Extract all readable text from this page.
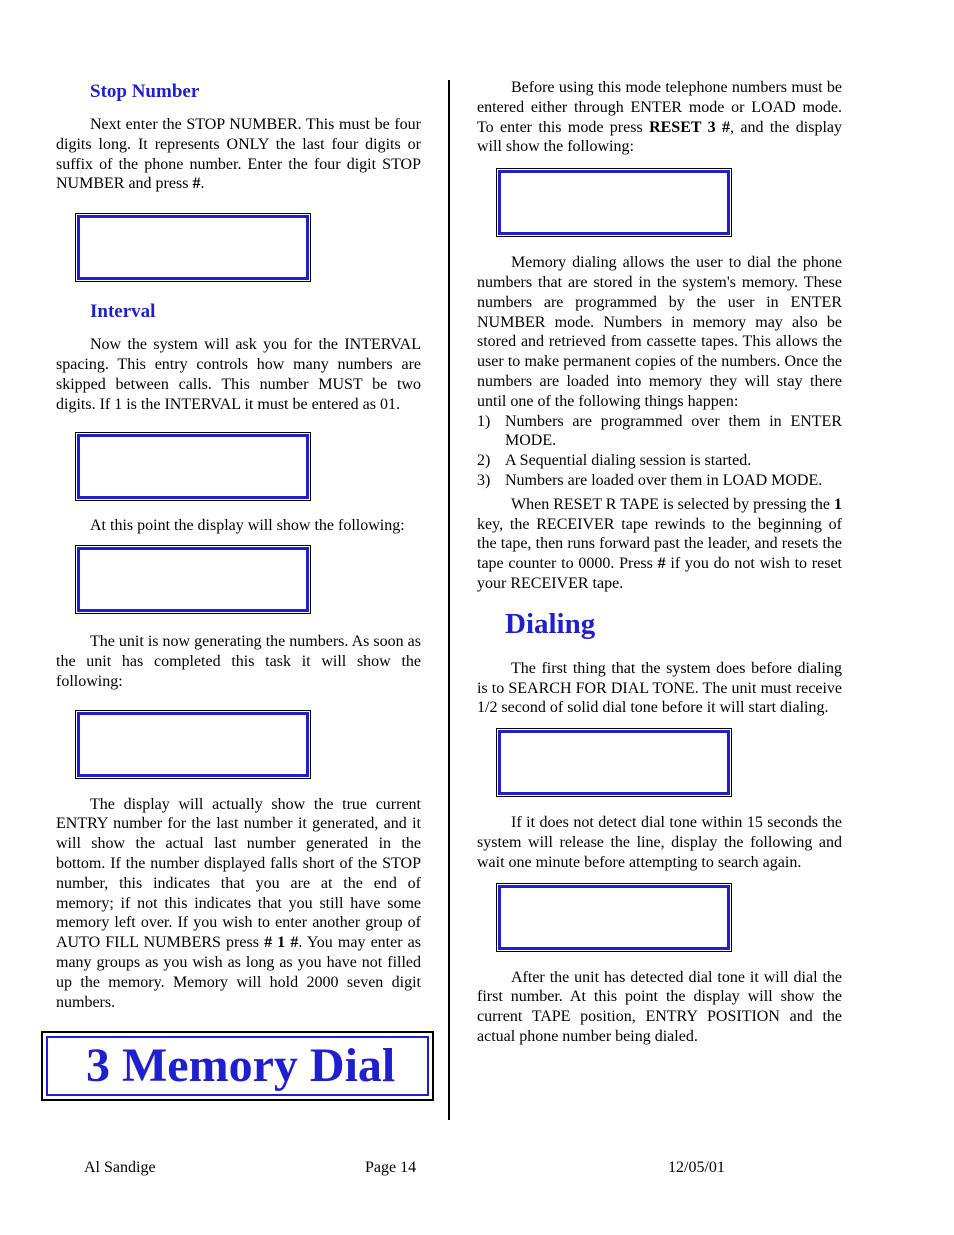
Stop Number

Next enter the STOP NUMBER. This must be four digits long. It represents ONLY the last four digits or suffix of the phone number. Enter the four digit STOP NUMBER and press #.

Interval

Now the system will ask you for the INTERVAL spacing. This entry controls how many numbers are skipped between calls. This number MUST be two digits. If 1 is the INTERVAL it must be entered as 01.

At this point the display will show the following:

The unit is now generating the numbers. As soon as the unit has completed this task it will show the following:

The display will actually show the true current ENTRY number for the last number it generated, and it will show the actual last number generated in the bottom. If the number displayed falls short of the STOP number, this indicates that you are at the end of memory; if not this indicates that you still have some memory left over. If you wish to enter another group of AUTO FILL NUMBERS press # 1 #. You may enter as many groups as you wish as long as you have not filled up the memory. Memory will hold 2000 seven digit numbers.

3 Memory Dial

Before using this mode telephone numbers must be entered either through ENTER mode or LOAD mode. To enter this mode press RESET 3 #, and the display will show the following:

Memory dialing allows the user to dial the phone numbers that are stored in the system's memory. These numbers are programmed by the user in ENTER NUMBER mode. Numbers in memory may also be stored and retrieved from cassette tapes. This allows the user to make permanent copies of the numbers. Once the numbers are loaded into memory they will stay there until one of the following things happen:

1) Numbers are programmed over them in ENTER MODE.
2) A Sequential dialing session is started.
3) Numbers are loaded over them in LOAD MODE.

When RESET R TAPE is selected by pressing the 1 key, the RECEIVER tape rewinds to the beginning of the tape, then runs forward past the leader, and resets the tape counter to 0000. Press # if you do not wish to reset your RECEIVER tape.

Dialing

The first thing that the system does before dialing is to SEARCH FOR DIAL TONE. The unit must receive 1/2 second of solid dial tone before it will start dialing.

If it does not detect dial tone within 15 seconds the system will release the line, display the following and wait one minute before attempting to search again.

After the unit has detected dial tone it will dial the first number. At this point the display will show the current TAPE position, ENTRY POSITION and the actual phone number being dialed.

Al Sandige	Page 14	12/05/01
